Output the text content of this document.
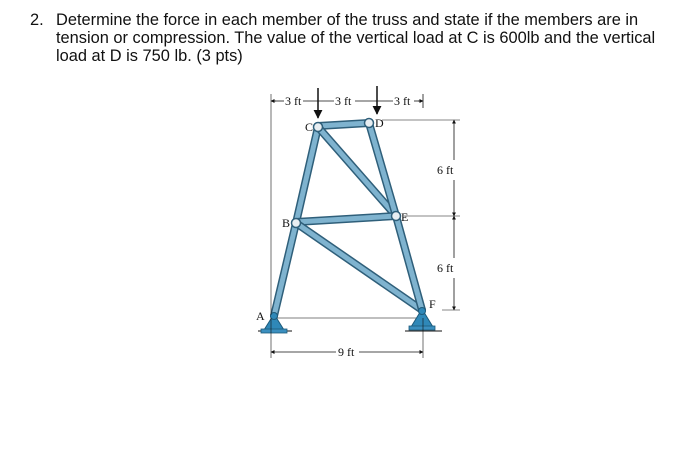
2. Determine the force in each member of the truss and state if the members are in tension or compression. The value of the vertical load at C is 600lb and the vertical load at D is 750 lb. (3 pts)
3 ft	3 ft	3 ft
6 ft
6 ft
9 ft
A
B
C	D
E
F
